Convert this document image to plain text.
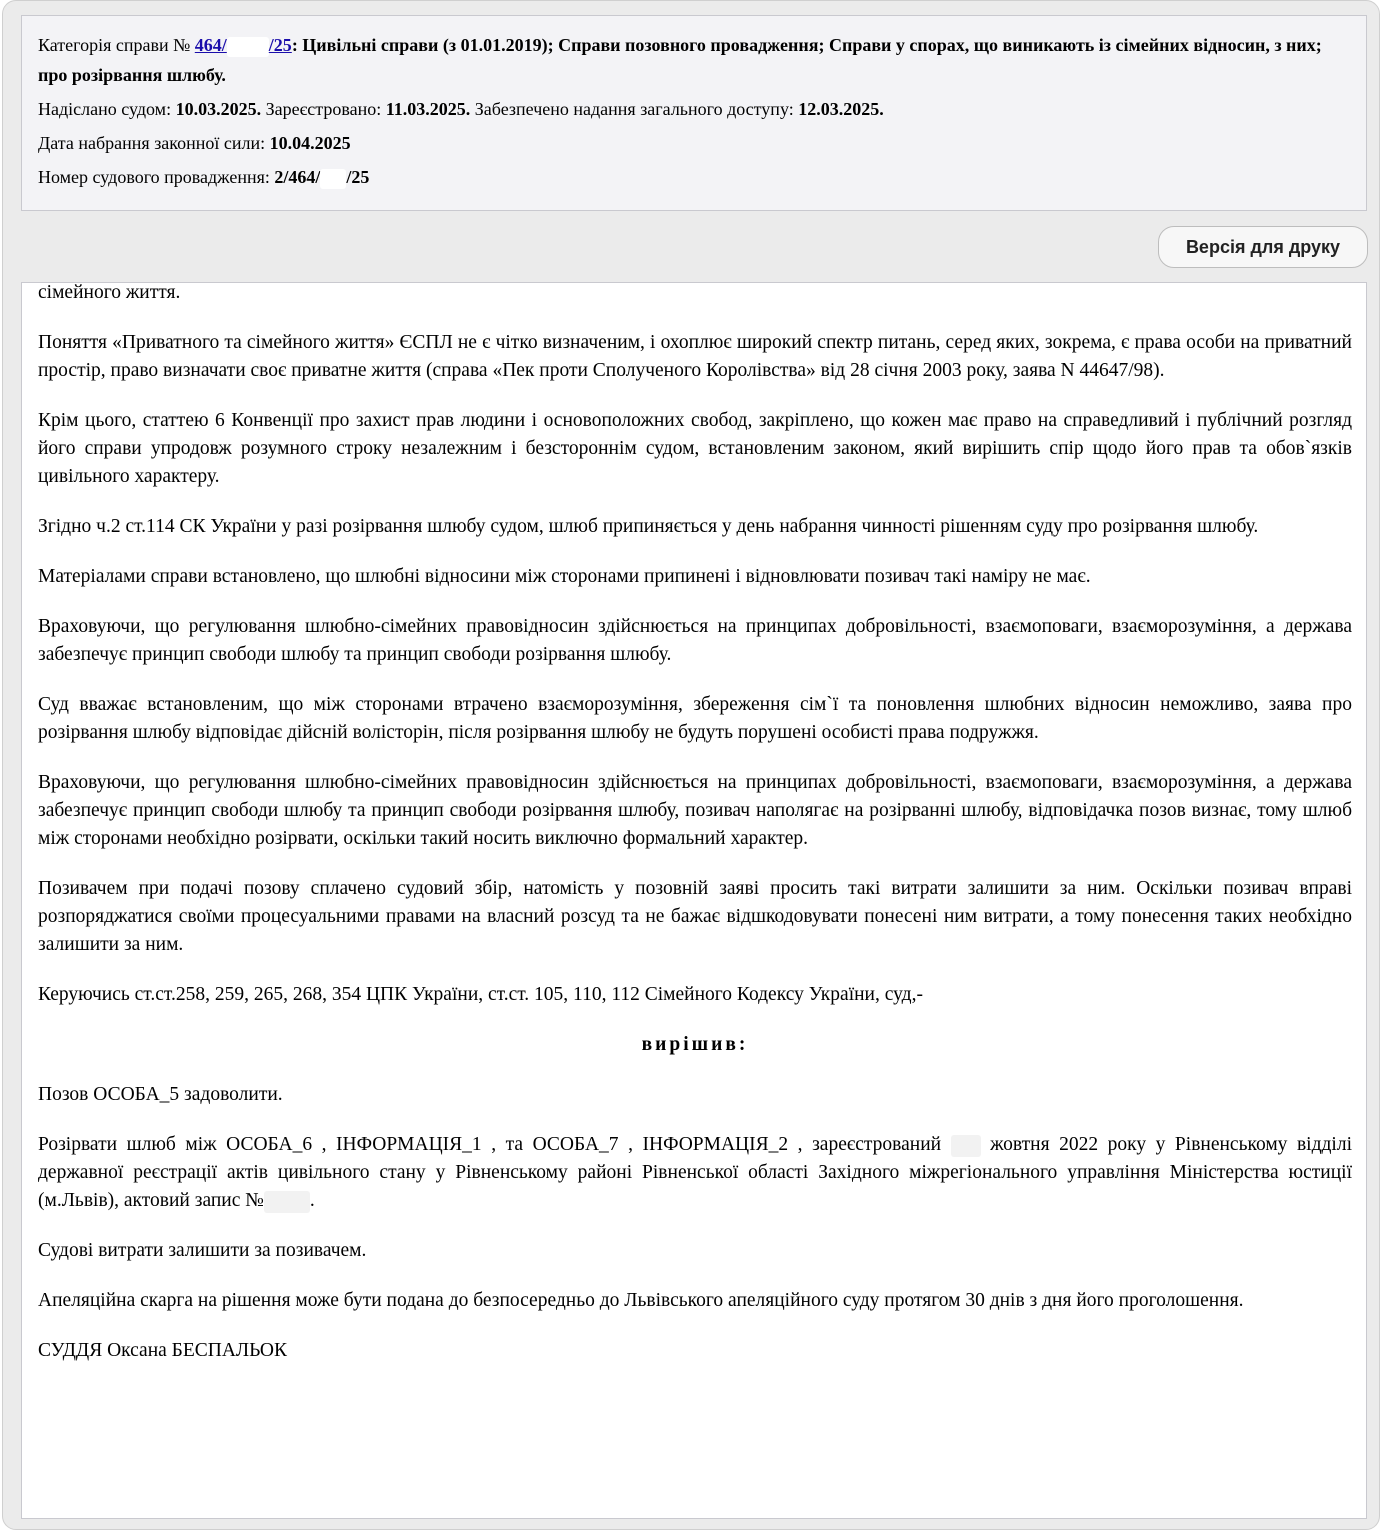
Категорія справи № 464/ /25: Цивільні справи (з 01.01.2019); Справи позовного провадження; Справи у спорах, що виникають із сімейних відносин, з них; про розірвання шлюбу.
Надіслано судом: 10.03.2025. Зареєстровано: 11.03.2025. Забезпечено надання загального доступу: 12.03.2025.
Дата набрання законної сили: 10.04.2025
Номер судового провадження: 2/464/ /25
Версія для друку

сімейного життя.

Поняття «Приватного та сімейного життя» ЄСПЛ не є чітко визначеним, і охоплює широкий спектр питань, серед яких, зокрема, є права особи на приватний простір, право визначати своє приватне життя (справа «Пек проти Сполученого Королівства» від 28 січня 2003 року, заява N 44647/98).

Крім цього, статтею 6 Конвенції про захист прав людини і основоположних свобод, закріплено, що кожен має право на справедливий і публічний розгляд його справи упродовж розумного строку незалежним і безстороннім судом, встановленим законом, який вирішить спір щодо його прав та обов`язків цивільного характеру.

Згідно ч.2 ст.114 СК України у разі розірвання шлюбу судом, шлюб припиняється у день набрання чинності рішенням суду про розірвання шлюбу.

Матеріалами справи встановлено, що шлюбні відносини між сторонами припинені і відновлювати позивач такі наміру не має.

Враховуючи, що регулювання шлюбно-сімейних правовідносин здійснюється на принципах добровільності, взаємоповаги, взаєморозуміння, а держава забезпечує принцип свободи шлюбу та принцип свободи розірвання шлюбу.

Суд вважає встановленим, що між сторонами втрачено взаєморозуміння, збереження сім`ї та поновлення шлюбних відносин неможливо, заява про розірвання шлюбу відповідає дійсній волісторін, після розірвання шлюбу не будуть порушені особисті права подружжя.

Враховуючи, що регулювання шлюбно-сімейних правовідносин здійснюється на принципах добровільності, взаємоповаги, взаєморозуміння, а держава забезпечує принцип свободи шлюбу та принцип свободи розірвання шлюбу, позивач наполягає на розірванні шлюбу, відповідачка позов визнає, тому шлюб між сторонами необхідно розірвати, оскільки такий носить виключно формальний характер.

Позивачем при подачі позову сплачено судовий збір, натомість у позовній заяві просить такі витрати залишити за ним. Оскільки позивач вправі розпоряджатися своїми процесуальними правами на власний розсуд та не бажає відшкодовувати понесені ним витрати, а тому понесення таких необхідно залишити за ним.

Керуючись ст.ст.258, 259, 265, 268, 354 ЦПК України, ст.ст. 105, 110, 112 Сімейного Кодексу України, суд,-

вирішив:

Позов ОСОБА_5 задоволити.

Розірвати шлюб між ОСОБА_6 , ІНФОРМАЦІЯ_1 , та ОСОБА_7 , ІНФОРМАЦІЯ_2 , зареєстрований	жовтня 2022 року у Рівненському відділі державної реєстрації актів цивільного стану у Рівненському районі Рівненської області Західного міжрегіонального управління Міністерства юстиції (м.Львів), актовий запис № .

Судові витрати залишити за позивачем.

Апеляційна скарга на рішення може бути подана до безпосередньо до Львівського апеляційного суду протягом 30 днів з дня його проголошення.

СУДДЯ Оксана БЕСПАЛЬОК
